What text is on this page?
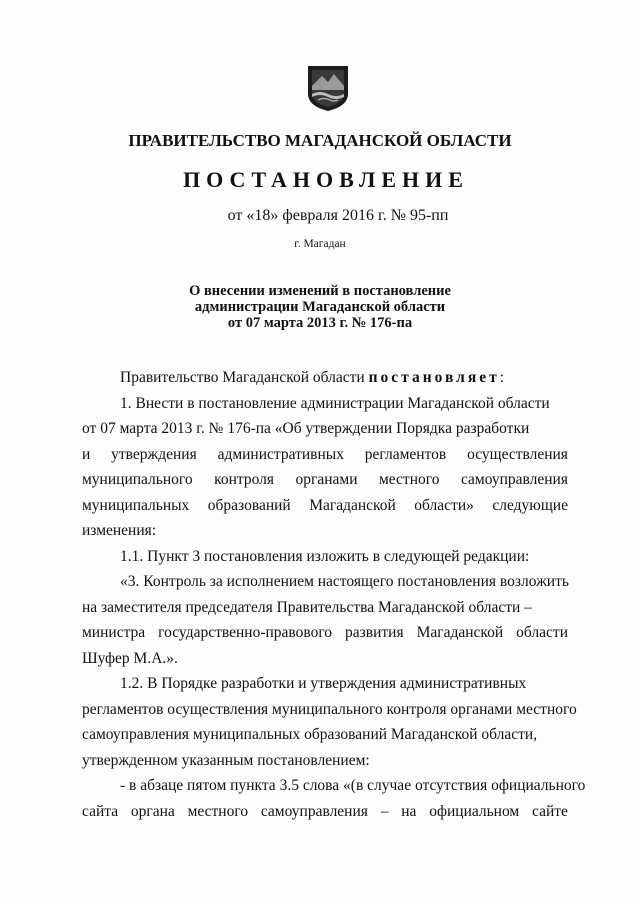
ПРАВИТЕЛЬСТВО МАГАДАНСКОЙ ОБЛАСТИ
ПОСТАНОВЛЕНИЕ
от «18» февраля 2016 г. № 95-пп
г. Магадан
О внесении изменений в постановление
администрации Магаданской области
от 07 марта 2013 г. № 176-па
Правительство Магаданской области постановляет:
1. Внести в постановление администрации Магаданской области
от 07 марта 2013 г. № 176-па «Об утверждении Порядка разработки
и утверждения административных регламентов осуществления
муниципального контроля органами местного самоуправления
муниципальных образований Магаданской области» следующие
изменения:
1.1. Пункт 3 постановления изложить в следующей редакции:
«3. Контроль за исполнением настоящего постановления возложить
на заместителя председателя Правительства Магаданской области –
министра государственно-правового развития Магаданской области
Шуфер М.А.».
1.2. В Порядке разработки и утверждения административных
регламентов осуществления муниципального контроля органами местного
самоуправления муниципальных образований Магаданской области,
утвержденном указанным постановлением:
- в абзаце пятом пункта 3.5 слова «(в случае отсутствия официального
сайта органа местного самоуправления – на официальном сайте
